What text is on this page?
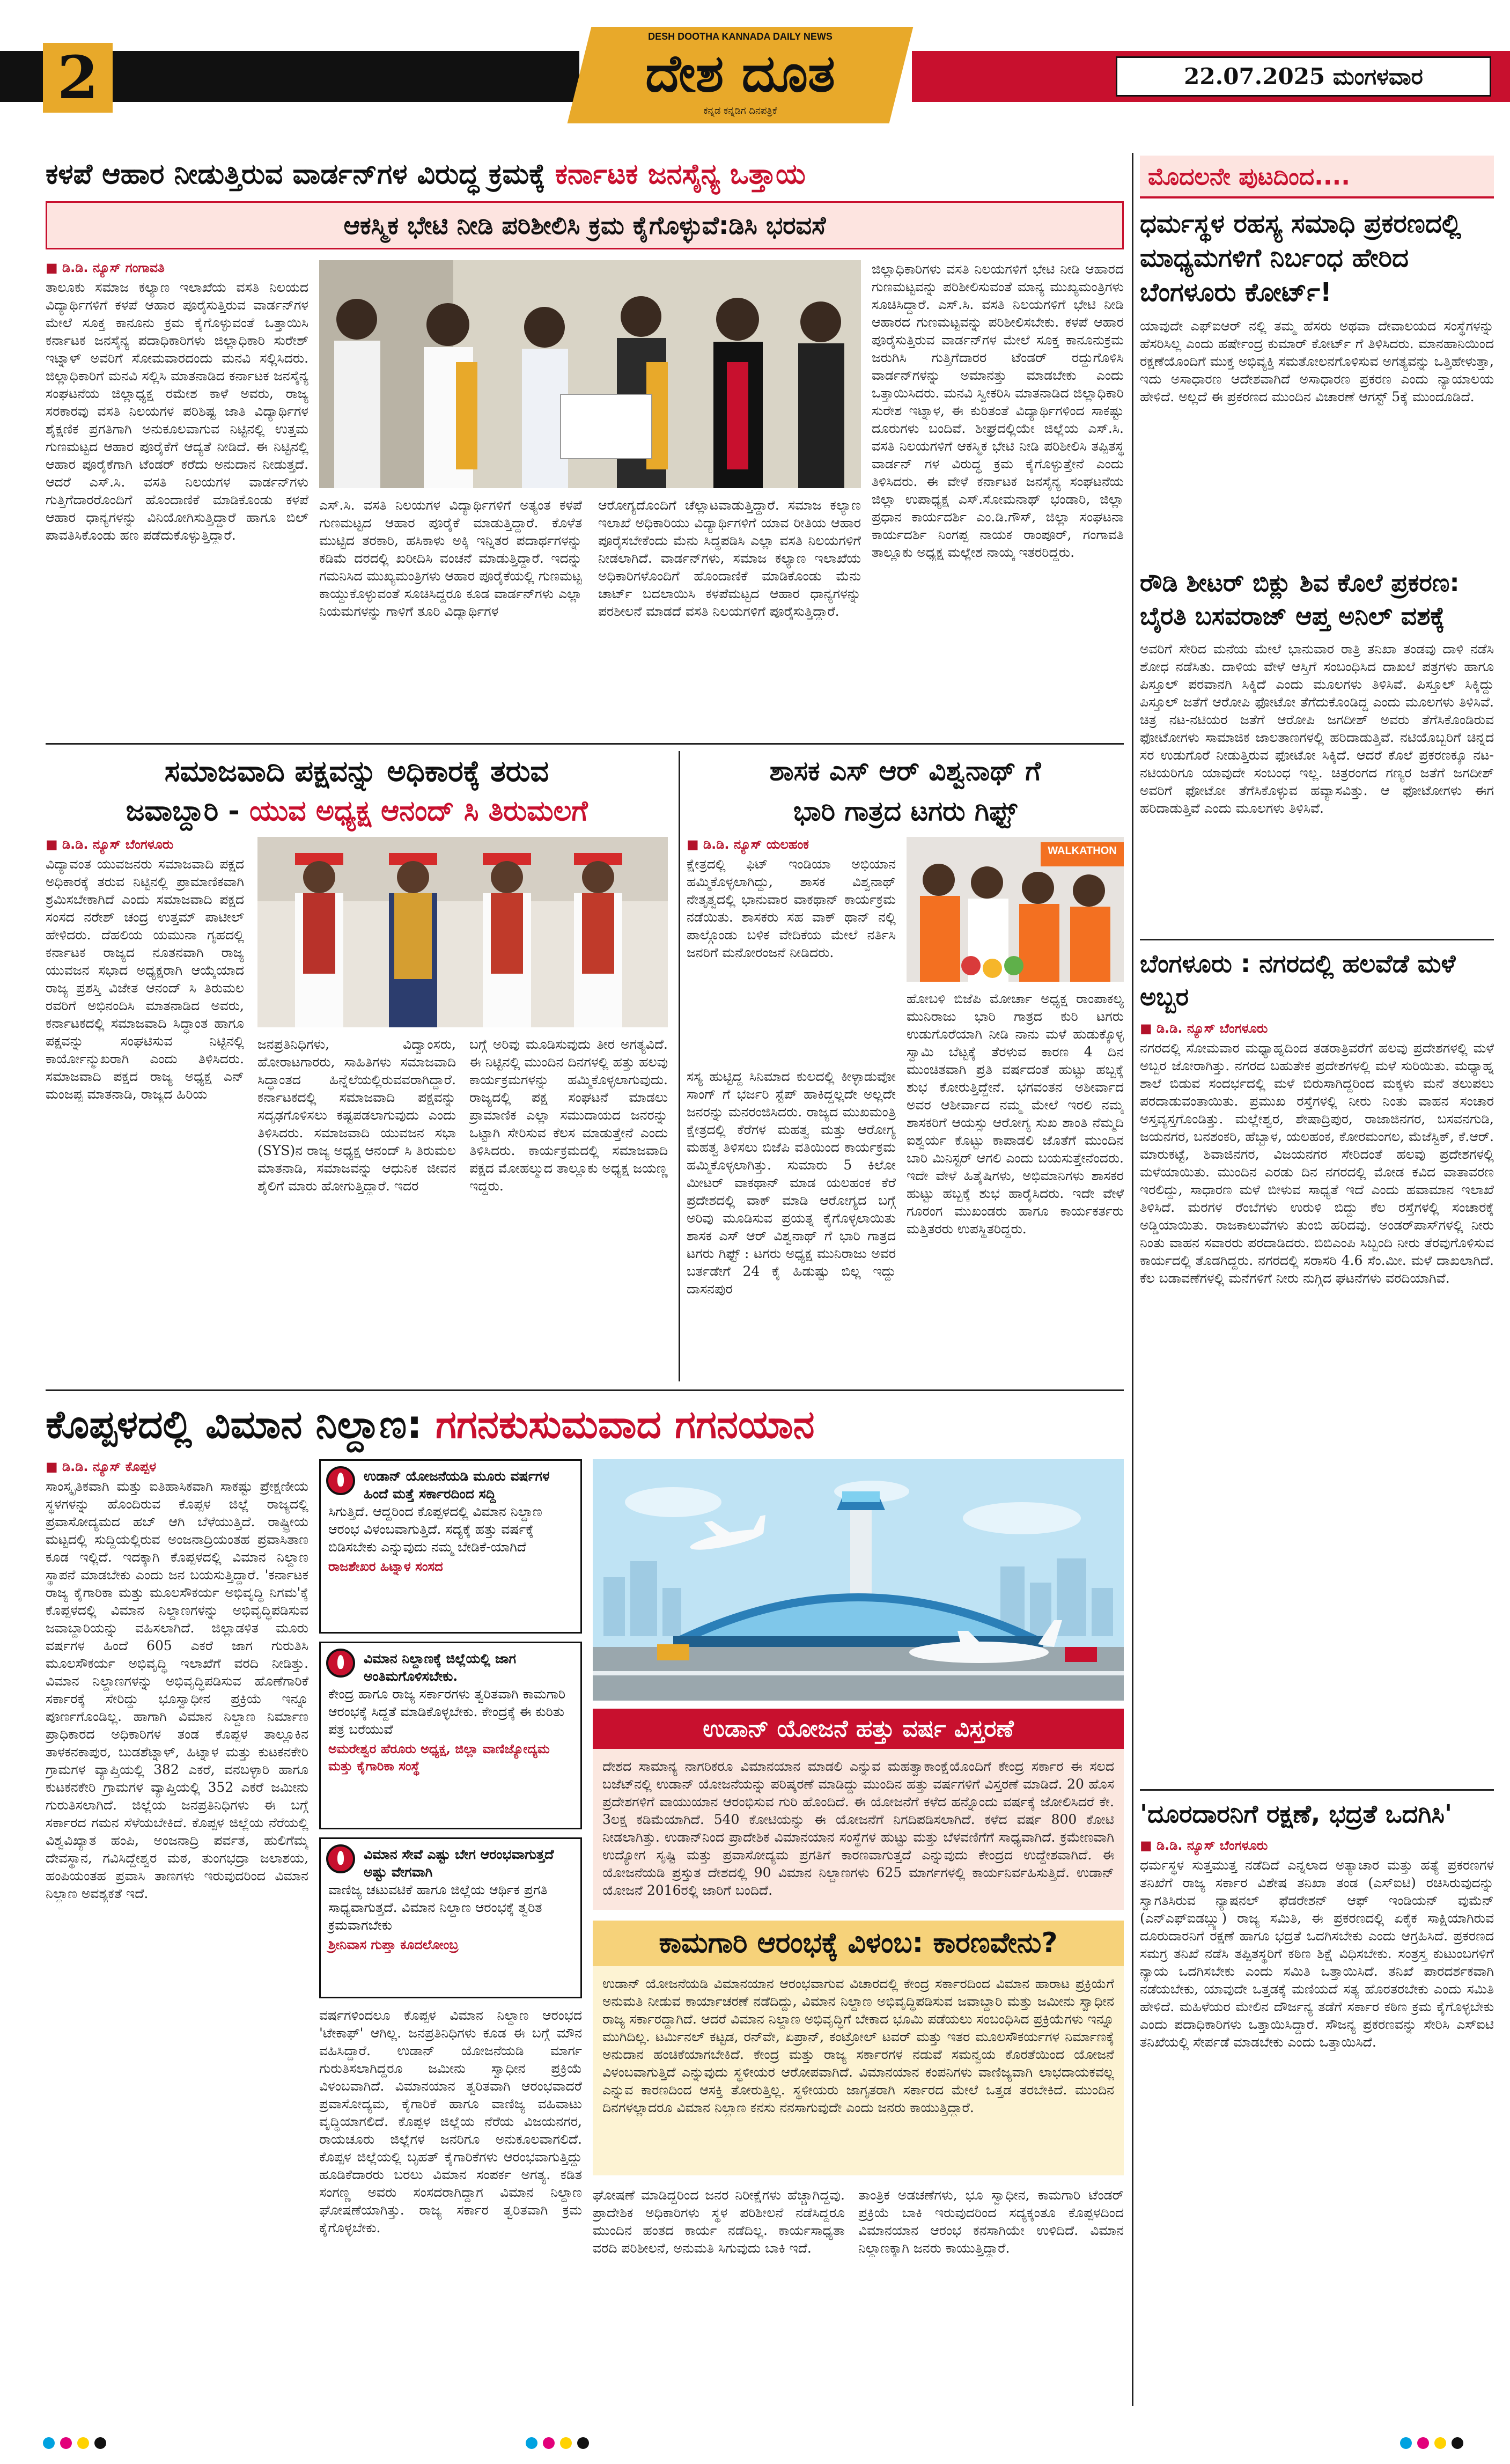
2
DESH DOOTHA KANNADA DAILY NEWS
ದೇಶ ದೂತ
ಕನ್ನಡ ಕನ್ನಡಿಗ ದಿನಪತ್ರಿಕೆ
22.07.2025 ಮಂಗಳವಾರ
ಕಳಪೆ ಆಹಾರ ನೀಡುತ್ತಿರುವ ವಾರ್ಡನ್‌ಗಳ ವಿರುದ್ಧ ಕ್ರಮಕ್ಕೆ ಕರ್ನಾಟಕ ಜನಸೈನ್ಯ ಒತ್ತಾಯ
ಆಕಸ್ಮಿಕ ಭೇಟಿ ನೀಡಿ ಪರಿಶೀಲಿಸಿ ಕ್ರಮ ಕೈಗೊಳ್ಳುವೆ:ಡಿಸಿ ಭರವಸೆ
■ ಡಿ.ಡಿ. ನ್ಯೂಸ್ ಗಂಗಾವತಿ
ತಾಲೂಕು ಸಮಾಜ ಕಲ್ಯಾಣ ಇಲಾಖೆಯ ವಸತಿ ನಿಲಯದ ವಿದ್ಯಾರ್ಥಿಗಳಿಗೆ ಕಳಪೆ ಆಹಾರ ಪೂರೈಸುತ್ತಿರುವ ವಾರ್ಡನ್‌ಗಳ ಮೇಲೆ ಸೂಕ್ತ ಕಾನೂನು ಕ್ರಮ ಕೈಗೊಳ್ಳುವಂತೆ ಒತ್ತಾಯಿಸಿ ಕರ್ನಾಟಕ ಜನಸೈನ್ಯ ಪದಾಧಿಕಾರಿಗಳು ಜಿಲ್ಲಾಧಿಕಾರಿ ಸುರೇಶ್ ಇಟ್ನಾಳ್ ಅವರಿಗೆ ಸೋಮವಾರದಂದು ಮನವಿ ಸಲ್ಲಿಸಿದರು. ಜಿಲ್ಲಾಧಿಕಾರಿಗೆ ಮನವಿ ಸಲ್ಲಿಸಿ ಮಾತನಾಡಿದ ಕರ್ನಾಟಕ ಜನಸೈನ್ಯ ಸಂಘಟನೆಯ ಜಿಲ್ಲಾಧ್ಯಕ್ಷ ರಮೇಶ ಕಾಳೆ ಅವರು, ರಾಜ್ಯ ಸರಕಾರವು ವಸತಿ ನಿಲಯಗಳ ಪರಿಶಿಷ್ಟ ಜಾತಿ ವಿದ್ಯಾರ್ಥಿಗಳ ಶೈಕ್ಷಣಿಕ ಪ್ರಗತಿಗಾಗಿ ಅನುಕೂಲವಾಗುವ ನಿಟ್ಟಿನಲ್ಲಿ ಉತ್ತಮ ಗುಣಮಟ್ಟದ ಆಹಾರ ಪೂರೈಕೆಗೆ ಆದ್ಯತೆ ನೀಡಿದೆ. ಈ ನಿಟ್ಟಿನಲ್ಲಿ ಆಹಾರ ಪೂರೈಕೆಗಾಗಿ ಟೆಂಡರ್ ಕರೆದು ಅನುದಾನ ನೀಡುತ್ತದೆ. ಆದರೆ ಎಸ್.ಸಿ. ವಸತಿ ನಿಲಯಗಳ ವಾರ್ಡನ್‌ಗಳು ಗುತ್ತಿಗೆದಾರರೊಂದಿಗೆ ಹೊಂದಾಣಿಕೆ ಮಾಡಿಕೊಂಡು ಕಳಪೆ ಆಹಾರ ಧಾನ್ಯಗಳನ್ನು ವಿನಿಯೋಗಿಸುತ್ತಿದ್ದಾರೆ ಹಾಗೂ ಬಿಲ್ ಪಾವತಿಸಿಕೊಂಡು ಹಣ ಪಡೆದುಕೊಳ್ಳುತ್ತಿದ್ದಾರೆ.
ಎಸ್.ಸಿ. ವಸತಿ ನಿಲಯಗಳ ವಿದ್ಯಾರ್ಥಿಗಳಿಗೆ ಅತ್ಯಂತ ಕಳಪೆ ಗುಣಮಟ್ಟದ ಆಹಾರ ಪೂರೈಕೆ ಮಾಡುತ್ತಿದ್ದಾರೆ. ಕೊಳೆತ ಮುಟ್ಟಿದ ತರಕಾರಿ, ಹಸಿಕಾಳು ಅಕ್ಕಿ ಇನ್ನಿತರ ಪದಾರ್ಥಗಳನ್ನು ಕಡಿಮೆ ದರದಲ್ಲಿ ಖರೀದಿಸಿ ವಂಚನೆ ಮಾಡುತ್ತಿದ್ದಾರೆ. ಇದನ್ನು ಗಮನಿಸಿದ ಮುಖ್ಯಮಂತ್ರಿಗಳು ಆಹಾರ ಪೂರೈಕೆಯಲ್ಲಿ ಗುಣಮಟ್ಟ ಕಾಯ್ದುಕೊಳ್ಳುವಂತೆ ಸೂಚಿಸಿದ್ದರೂ ಕೂಡ ವಾರ್ಡನ್‌ಗಳು ಎಲ್ಲಾ ನಿಯಮಗಳನ್ನು ಗಾಳಿಗೆ ತೂರಿ ವಿದ್ಯಾರ್ಥಿಗಳ
ಆರೋಗ್ಯದೊಂದಿಗೆ ಚೆಲ್ಲಾಟವಾಡುತ್ತಿದ್ದಾರೆ. ಸಮಾಜ ಕಲ್ಯಾಣ ಇಲಾಖೆ ಅಧಿಕಾರಿಯು ವಿದ್ಯಾರ್ಥಿಗಳಿಗೆ ಯಾವ ರೀತಿಯ ಆಹಾರ ಪೂರೈಸಬೇಕೆಂದು ಮೆನು ಸಿದ್ಧಪಡಿಸಿ ಎಲ್ಲಾ ವಸತಿ ನಿಲಯಗಳಿಗೆ ನೀಡಲಾಗಿದೆ. ವಾರ್ಡನ್‌ಗಳು, ಸಮಾಜ ಕಲ್ಯಾಣ ಇಲಾಖೆಯ ಅಧಿಕಾರಿಗಳೊಂದಿಗೆ ಹೊಂದಾಣಿಕೆ ಮಾಡಿಕೊಂಡು ಮೆನು ಚಾರ್ಟ್ ಬದಲಾಯಿಸಿ ಕಳಪೆಮಟ್ಟದ ಆಹಾರ ಧಾನ್ಯಗಳನ್ನು ಪರಶೀಲನೆ ಮಾಡದೆ ವಸತಿ ನಿಲಯಗಳಿಗೆ ಪೂರೈಸುತ್ತಿದ್ದಾರೆ.
ಜಿಲ್ಲಾಧಿಕಾರಿಗಳು ವಸತಿ ನಿಲಯಗಳಿಗೆ ಭೇಟಿ ನೀಡಿ ಆಹಾರದ ಗುಣಮಟ್ಟವನ್ನು ಪರಿಶೀಲಿಸುವಂತೆ ಮಾನ್ಯ ಮುಖ್ಯಮಂತ್ರಿಗಳು ಸೂಚಿಸಿದ್ದಾರೆ. ಎಸ್.ಸಿ. ವಸತಿ ನಿಲಯಗಳಿಗೆ ಭೇಟಿ ನೀಡಿ ಆಹಾರದ ಗುಣಮಟ್ಟವನ್ನು ಪರಿಶೀಲಿಸಬೇಕು. ಕಳಪೆ ಆಹಾರ ಪೂರೈಸುತ್ತಿರುವ ವಾರ್ಡನ್‌ಗಳ ಮೇಲೆ ಸೂಕ್ತ ಕಾನೂನುಕ್ರಮ ಜರುಗಿಸಿ ಗುತ್ತಿಗೆದಾರರ ಟೆಂಡರ್ ರದ್ದುಗೊಳಿಸಿ ವಾರ್ಡನ್‌ಗಳನ್ನು ಅಮಾನತ್ತು ಮಾಡಬೇಕು ಎಂದು ಒತ್ತಾಯಿಸಿದರು. ಮನವಿ ಸ್ವೀಕರಿಸಿ ಮಾತನಾಡಿದ ಜಿಲ್ಲಾಧಿಕಾರಿ ಸುರೇಶ ಇಟ್ನಾಳ, ಈ ಕುರಿತಂತೆ ವಿದ್ಯಾರ್ಥಿಗಳಿಂದ ಸಾಕಷ್ಟು ದೂರುಗಳು ಬಂದಿವೆ. ಶೀಘ್ರದಲ್ಲಿಯೇ ಜಿಲ್ಲೆಯ ಎಸ್.ಸಿ. ವಸತಿ ನಿಲಯಗಳಿಗೆ ಆಕಸ್ಮಿಕ ಭೇಟಿ ನೀಡಿ ಪರಿಶೀಲಿಸಿ ತಪ್ಪಿತಸ್ಥ ವಾರ್ಡನ್ ಗಳ ವಿರುದ್ಧ ಕ್ರಮ ಕೈಗೊಳ್ಳುತ್ತೇನೆ ಎಂದು ತಿಳಿಸಿದರು. ಈ ವೇಳೆ ಕರ್ನಾಟಕ ಜನಸೈನ್ಯ ಸಂಘಟನೆಯ ಜಿಲ್ಲಾ ಉಪಾಧ್ಯಕ್ಷ ಎಸ್.ಸೋಮನಾಥ್ ಭಂಡಾರಿ, ಜಿಲ್ಲಾ ಪ್ರಧಾನ ಕಾರ್ಯದರ್ಶಿ ಎಂ.ಡಿ.ಗೌಸ್, ಜಿಲ್ಲಾ ಸಂಘಟನಾ ಕಾರ್ಯದರ್ಶಿ ನಿಂಗಪ್ಪ ನಾಯಕ ರಾಂಪೂರ್, ಗಂಗಾವತಿ ತಾಲ್ಲೂಕು ಅಧ್ಯಕ್ಷ ಮಲ್ಲೇಶ ನಾಯ್ಕ ಇತರರಿದ್ದರು.
ಮೊದಲನೇ ಪುಟದಿಂದ....
ಧರ್ಮಸ್ಥಳ ರಹಸ್ಯ ಸಮಾಧಿ ಪ್ರಕರಣದಲ್ಲಿ ಮಾಧ್ಯಮಗಳಿಗೆ ನಿರ್ಬಂಧ ಹೇರಿದ ಬೆಂಗಳೂರು ಕೋರ್ಟ್!
ಯಾವುದೇ ಎಫ್‌ಐಆರ್ ನಲ್ಲಿ ತಮ್ಮ ಹೆಸರು ಅಥವಾ ದೇವಾಲಯದ ಸಂಸ್ಥೆಗಳನ್ನು ಹೆಸರಿಸಿಲ್ಲ ಎಂದು ಹರ್ಷೇಂದ್ರ ಕುಮಾರ್ ಕೋರ್ಟ್ ಗೆ ತಿಳಿಸಿದರು. ಮಾನಹಾನಿಯಿಂದ ರಕ್ಷಣೆಯೊಂದಿಗೆ ಮುಕ್ತ ಅಭಿವ್ಯಕ್ತಿ ಸಮತೋಲನಗೊಳಿಸುವ ಅಗತ್ಯವನ್ನು ಒತ್ತಿಹೇಳುತ್ತಾ, ಇದು ಅಸಾಧಾರಣ ಆದೇಶವಾಗಿದೆ ಅಸಾಧಾರಣ ಪ್ರಕರಣ ಎಂದು ನ್ಯಾಯಾಲಯ ಹೇಳಿದೆ. ಅಲ್ಲದೆ ಈ ಪ್ರಕರಣದ ಮುಂದಿನ ವಿಚಾರಣೆ ಆಗಸ್ಟ್ 5ಕ್ಕೆ ಮುಂದೂಡಿದೆ.
ರೌಡಿ ಶೀಟರ್ ಬಿಕ್ಲು ಶಿವ ಕೊಲೆ ಪ್ರಕರಣ: ಬೈರತಿ ಬಸವರಾಜ್ ಆಪ್ತ ಅನಿಲ್ ವಶಕ್ಕೆ
ಅವರಿಗೆ ಸೇರಿದ ಮನೆಯ ಮೇಲೆ ಭಾನುವಾರ ರಾತ್ರಿ ತನಿಖಾ ತಂಡವು ದಾಳಿ ನಡೆಸಿ ಶೋಧ ನಡೆಸಿತು. ದಾಳಿಯ ವೇಳೆ ಆಸ್ತಿಗೆ ಸಂಬಂಧಿಸಿದ ದಾಖಲೆ ಪತ್ರಗಳು ಹಾಗೂ ಪಿಸ್ತೂಲ್ ಪರವಾನಗಿ ಸಿಕ್ಕಿದೆ ಎಂದು ಮೂಲಗಳು ತಿಳಿಸಿವೆ. ಪಿಸ್ತೂಲ್ ಸಿಕ್ಕಿದ್ದು ಪಿಸ್ತೂಲ್ ಜತೆಗೆ ಆರೋಪಿ ಫೋಟೋ ತೆಗೆದುಕೊಂಡಿದ್ದ ಎಂದು ಮೂಲಗಳು ತಿಳಿಸಿವೆ. ಚಿತ್ರ ನಟ-ನಟಿಯರ ಜತೆಗೆ ಆರೋಪಿ ಜಗದೀಶ್ ಅವರು ತೆಗೆಸಿಕೊಂಡಿರುವ ಫೋಟೋಗಳು ಸಾಮಾಜಿಕ ಜಾಲತಾಣಗಳಲ್ಲಿ ಹರಿದಾಡುತ್ತಿವೆ. ನಟಿಯೊಬ್ಬರಿಗೆ ಚಿನ್ನದ ಸರ ಉಡುಗೊರೆ ನೀಡುತ್ತಿರುವ ಫೋಟೋ ಸಿಕ್ಕಿದೆ. ಆದರೆ ಕೊಲೆ ಪ್ರಕರಣಕ್ಕೂ ನಟ-ನಟಿಯರಿಗೂ ಯಾವುದೇ ಸಂಬಂಧ ಇಲ್ಲ. ಚಿತ್ರರಂಗದ ಗಣ್ಯರ ಜತೆಗೆ ಜಗದೀಶ್ ಅವರಿಗೆ ಫೋಟೋ ತೆಗೆಸಿಕೊಳ್ಳುವ ಹವ್ಯಾಸವಿತ್ತು. ಆ ಫೋಟೋಗಳು ಈಗ ಹರಿದಾಡುತ್ತಿವೆ ಎಂದು ಮೂಲಗಳು ತಿಳಿಸಿವೆ.
ಬೆಂಗಳೂರು : ನಗರದಲ್ಲಿ ಹಲವೆಡೆ ಮಳೆ ಅಬ್ಬರ
■ ಡಿ.ಡಿ. ನ್ಯೂಸ್ ಬೆಂಗಳೂರು
ನಗರದಲ್ಲಿ ಸೋಮವಾರ ಮಧ್ಯಾಹ್ನದಿಂದ ತಡರಾತ್ರಿವರೆಗೆ ಹಲವು ಪ್ರದೇಶಗಳಲ್ಲಿ ಮಳೆ ಅಬ್ಬರ ಜೋರಾಗಿತ್ತು. ನಗರದ ಬಹುತೇಕ ಪ್ರದೇಶಗಳಲ್ಲಿ ಮಳೆ ಸುರಿಯಿತು. ಮಧ್ಯಾಹ್ನ ಶಾಲೆ ಬಿಡುವ ಸಂದರ್ಭದಲ್ಲಿ ಮಳೆ ಬಿರುಸಾಗಿದ್ದರಿಂದ ಮಕ್ಕಳು ಮನೆ ತಲುಪಲು ಪರದಾಡುವಂತಾಯಿತು. ಪ್ರಮುಖ ರಸ್ತೆಗಳಲ್ಲಿ ನೀರು ನಿಂತು ವಾಹನ ಸಂಚಾರ ಅಸ್ತವ್ಯಸ್ತಗೊಂಡಿತ್ತು. ಮಲ್ಲೇಶ್ವರ, ಶೇಷಾದ್ರಿಪುರ, ರಾಜಾಜಿನಗರ, ಬಸವನಗುಡಿ, ಜಯನಗರ, ಬನಶಂಕರಿ, ಹೆಬ್ಬಾಳ, ಯಲಹಂಕ, ಕೋರಮಂಗಲ, ಮೆಜೆಸ್ಟಿಕ್, ಕೆ.ಆರ್. ಮಾರುಕಟ್ಟೆ, ಶಿವಾಜಿನಗರ, ವಿಜಯನಗರ ಸೇರಿದಂತೆ ಹಲವು ಪ್ರದೇಶಗಳಲ್ಲಿ ಮಳೆಯಾಯಿತು. ಮುಂದಿನ ಎರಡು ದಿನ ನಗರದಲ್ಲಿ ಮೋಡ ಕವಿದ ವಾತಾವರಣ ಇರಲಿದ್ದು, ಸಾಧಾರಣ ಮಳೆ ಬೀಳುವ ಸಾಧ್ಯತೆ ಇದೆ ಎಂದು ಹವಾಮಾನ ಇಲಾಖೆ ತಿಳಿಸಿದೆ. ಮರಗಳ ರೆಂಬೆಗಳು ಉರುಳಿ ಬಿದ್ದು ಕೆಲ ರಸ್ತೆಗಳಲ್ಲಿ ಸಂಚಾರಕ್ಕೆ ಅಡ್ಡಿಯಾಯಿತು. ರಾಜಕಾಲುವೆಗಳು ತುಂಬಿ ಹರಿದವು. ಅಂಡರ್‌ಪಾಸ್‌ಗಳಲ್ಲಿ ನೀರು ನಿಂತು ವಾಹನ ಸವಾರರು ಪರದಾಡಿದರು. ಬಿಬಿಎಂಪಿ ಸಿಬ್ಬಂದಿ ನೀರು ತೆರವುಗೊಳಿಸುವ ಕಾರ್ಯದಲ್ಲಿ ತೊಡಗಿದ್ದರು. ನಗರದಲ್ಲಿ ಸರಾಸರಿ 4.6 ಸೆಂ.ಮೀ. ಮಳೆ ದಾಖಲಾಗಿದೆ. ಕೆಲ ಬಡಾವಣೆಗಳಲ್ಲಿ ಮನೆಗಳಿಗೆ ನೀರು ನುಗ್ಗಿದ ಘಟನೆಗಳು ವರದಿಯಾಗಿವೆ.
'ದೂರದಾರನಿಗೆ ರಕ್ಷಣೆ, ಭದ್ರತೆ ಒದಗಿಸಿ'
■ ಡಿ.ಡಿ. ನ್ಯೂಸ್ ಬೆಂಗಳೂರು
ಧರ್ಮಸ್ಥಳ ಸುತ್ತಮುತ್ತ ನಡೆದಿದೆ ಎನ್ನಲಾದ ಅತ್ಯಾಚಾರ ಮತ್ತು ಹತ್ಯೆ ಪ್ರಕರಣಗಳ ತನಿಖೆಗೆ ರಾಜ್ಯ ಸರ್ಕಾರ ವಿಶೇಷ ತನಿಖಾ ತಂಡ (ಎಸ್‌ಐಟಿ) ರಚಿಸಿರುವುದನ್ನು ಸ್ವಾಗತಿಸಿರುವ ನ್ಯಾಷನಲ್ ಫೆಡರೇಶನ್ ಆಫ್ ಇಂಡಿಯನ್ ವುಮೆನ್ (ಎನ್‌ಎಫ್‌ಐಡಬ್ಲ್ಯು) ರಾಜ್ಯ ಸಮಿತಿ, ಈ ಪ್ರಕರಣದಲ್ಲಿ ಏಕೈಕ ಸಾಕ್ಷಿಯಾಗಿರುವ ದೂರುದಾರನಿಗೆ ರಕ್ಷಣೆ ಹಾಗೂ ಭದ್ರತೆ ಒದಗಿಸಬೇಕು ಎಂದು ಆಗ್ರಹಿಸಿದೆ. ಪ್ರಕರಣದ ಸಮಗ್ರ ತನಿಖೆ ನಡೆಸಿ ತಪ್ಪಿತಸ್ಥರಿಗೆ ಕಠಿಣ ಶಿಕ್ಷೆ ವಿಧಿಸಬೇಕು. ಸಂತ್ರಸ್ತ ಕುಟುಂಬಗಳಿಗೆ ನ್ಯಾಯ ಒದಗಿಸಬೇಕು ಎಂದು ಸಮಿತಿ ಒತ್ತಾಯಿಸಿದೆ. ತನಿಖೆ ಪಾರದರ್ಶಕವಾಗಿ ನಡೆಯಬೇಕು, ಯಾವುದೇ ಒತ್ತಡಕ್ಕೆ ಮಣಿಯದೆ ಸತ್ಯ ಹೊರತರಬೇಕು ಎಂದು ಸಮಿತಿ ಹೇಳಿದೆ. ಮಹಿಳೆಯರ ಮೇಲಿನ ದೌರ್ಜನ್ಯ ತಡೆಗೆ ಸರ್ಕಾರ ಕಠಿಣ ಕ್ರಮ ಕೈಗೊಳ್ಳಬೇಕು ಎಂದು ಪದಾಧಿಕಾರಿಗಳು ಒತ್ತಾಯಿಸಿದ್ದಾರೆ. ಸೌಜನ್ಯ ಪ್ರಕರಣವನ್ನು ಸೇರಿಸಿ ಎಸ್‌ಐಟಿ ತನಿಖೆಯಲ್ಲಿ ಸೇರ್ಪಡೆ ಮಾಡಬೇಕು ಎಂದು ಒತ್ತಾಯಿಸಿದೆ.
ಸಮಾಜವಾದಿ ಪಕ್ಷವನ್ನು ಅಧಿಕಾರಕ್ಕೆ ತರುವ
ಜವಾಬ್ದಾರಿ - ಯುವ ಅಧ್ಯಕ್ಷ ಆನಂದ್ ಸಿ ತಿರುಮಲಗೆ
■ ಡಿ.ಡಿ. ನ್ಯೂಸ್ ಬೆಂಗಳೂರು
ವಿದ್ಯಾವಂತ ಯುವಜನರು ಸಮಾಜವಾದಿ ಪಕ್ಷದ ಅಧಿಕಾರಕ್ಕೆ ತರುವ ನಿಟ್ಟಿನಲ್ಲಿ ಪ್ರಾಮಾಣಿಕವಾಗಿ ಶ್ರಮಿಸಬೇಕಾಗಿದೆ ಎಂದು ಸಮಾಜವಾದಿ ಪಕ್ಷದ ಸಂಸದ ನರೇಶ್ ಚಂದ್ರ ಉತ್ತಮ್ ಪಾಟೀಲ್ ಹೇಳಿದರು. ದೆಹಲಿಯ ಯಮುನಾ ಗೃಹದಲ್ಲಿ ಕರ್ನಾಟಕ ರಾಜ್ಯದ ನೂತನವಾಗಿ ರಾಜ್ಯ ಯುವಜನ ಸಭಾದ ಅಧ್ಯಕ್ಷರಾಗಿ ಆಯ್ಕೆಯಾದ ರಾಜ್ಯ ಪ್ರಶಸ್ತಿ ವಿಜೇತ ಆನಂದ್ ಸಿ ತಿರುಮಲ ರವರಿಗೆ ಅಭಿನಂದಿಸಿ ಮಾತನಾಡಿದ ಅವರು, ಕರ್ನಾಟಕದಲ್ಲಿ ಸಮಾಜವಾದಿ ಸಿದ್ಧಾಂತ ಹಾಗೂ ಪಕ್ಷವನ್ನು ಸಂಘಟಿಸುವ ನಿಟ್ಟಿನಲ್ಲಿ ಕಾರ್ಯೋನ್ಮುಖರಾಗಿ ಎಂದು ತಿಳಿಸಿದರು. ಸಮಾಜವಾದಿ ಪಕ್ಷದ ರಾಜ್ಯ ಅಧ್ಯಕ್ಷ ಎನ್ ಮಂಜಪ್ಪ ಮಾತನಾಡಿ, ರಾಜ್ಯದ ಹಿರಿಯ
ಜನಪ್ರತಿನಿಧಿಗಳು, ವಿದ್ವಾಂಸರು, ಹೋರಾಟಗಾರರು, ಸಾಹಿತಿಗಳು ಸಮಾಜವಾದಿ ಸಿದ್ಧಾಂತದ ಹಿನ್ನೆಲೆಯಲ್ಲಿರುವವರಾಗಿದ್ದಾರೆ. ಕರ್ನಾಟಕದಲ್ಲಿ ಸಮಾಜವಾದಿ ಪಕ್ಷವನ್ನು ಸದೃಢಗೊಳಿಸಲು ಕಷ್ಟಪಡಲಾಗುವುದು ಎಂದು ತಿಳಿಸಿದರು. ಸಮಾಜವಾದಿ ಯುವಜನ ಸಭಾ (SYS)ನ ರಾಜ್ಯ ಅಧ್ಯಕ್ಷ ಆನಂದ್ ಸಿ ತಿರುಮಲ ಮಾತನಾಡಿ, ಸಮಾಜವನ್ನು ಆಧುನಿಕ ಜೀವನ ಶೈಲಿಗೆ ಮಾರು ಹೋಗುತ್ತಿದ್ದಾರೆ. ಇದರ
ಬಗ್ಗೆ ಅರಿವು ಮೂಡಿಸುವುದು ತೀರ ಅಗತ್ಯವಿದೆ. ಈ ನಿಟ್ಟಿನಲ್ಲಿ ಮುಂದಿನ ದಿನಗಳಲ್ಲಿ ಹತ್ತು ಹಲವು ಕಾರ್ಯಕ್ರಮಗಳನ್ನು ಹಮ್ಮಿಕೊಳ್ಳಲಾಗುವುದು. ರಾಜ್ಯದಲ್ಲಿ ಪಕ್ಷ ಸಂಘಟನೆ ಮಾಡಲು ಪ್ರಾಮಾಣಿಕ ಎಲ್ಲಾ ಸಮುದಾಯದ ಜನರನ್ನು ಒಟ್ಟಾಗಿ ಸೇರಿಸುವ ಕೆಲಸ ಮಾಡುತ್ತೇನೆ ಎಂದು ತಿಳಿಸಿದರು. ಕಾರ್ಯಕ್ರಮದಲ್ಲಿ ಸಮಾಜವಾದಿ ಪಕ್ಷದ ಮೋಹಲ್ಮುದ ತಾಲ್ಲೂಕು ಅಧ್ಯಕ್ಷ ಜಯಣ್ಣ ಇದ್ದರು.
ಶಾಸಕ ಎಸ್ ಆರ್ ವಿಶ್ವನಾಥ್ ಗೆ
ಭಾರಿ ಗಾತ್ರದ ಟಗರು ಗಿಫ್ಟ್
■ ಡಿ.ಡಿ. ನ್ಯೂಸ್ ಯಲಹಂಕ
ಕ್ಷೇತ್ರದಲ್ಲಿ ಫಿಟ್ ಇಂಡಿಯಾ ಅಭಿಯಾನ ಹಮ್ಮಿಕೊಳ್ಳಲಾಗಿದ್ದು, ಶಾಸಕ ವಿಶ್ವನಾಥ್ ನೇತೃತ್ವದಲ್ಲಿ ಭಾನುವಾರ ವಾಕಥಾನ್ ಕಾರ್ಯಕ್ರಮ ನಡೆಯಿತು. ಶಾಸಕರು ಸಹ ವಾಕ್ ಥಾನ್ ನಲ್ಲಿ ಪಾಲ್ಗೊಂಡು ಬಳಿಕ ವೇದಿಕೆಯ ಮೇಲೆ ನರ್ತಿಸಿ ಜನರಿಗೆ ಮನೋರಂಜನೆ ನೀಡಿದರು.
WALKATHON
ಸಸ್ಯ ಹುಟ್ಟಿದ್ದ ಸಿನಿಮಾದ ಕುಲದಲ್ಲಿ ಕೀಳ್ಳಾಡುವೋ ಸಾಂಗ್ ಗೆ ಭರ್ಜರಿ ಸ್ಟೆಪ್ ಹಾಕಿದ್ದಲ್ಲದೇ ಅಲ್ಲದೇ ಜನರನ್ನು ಮನರಂಜಿಸಿದರು. ರಾಜ್ಯದ ಮುಖಮಂತ್ರಿ ಕ್ಷೇತ್ರದಲ್ಲಿ ಕೆರೆಗಳ ಮಹತ್ವ ಮತ್ತು ಆರೋಗ್ಯ ಮಹತ್ವ ತಿಳಿಸಲು ಬಿಜೆಪಿ ವತಿಯಿಂದ ಕಾರ್ಯಕ್ರಮ ಹಮ್ಮಿಕೊಳ್ಳಲಾಗಿತ್ತು. ಸುಮಾರು 5 ಕಿಲೋ ಮೀಟರ್ ವಾಕಥಾನ್ ಮಾಡ ಯಲಹಂಕ ಕೆರೆ ಪ್ರದೇಶದಲ್ಲಿ ವಾಕ್ ಮಾಡಿ ಆರೋಗ್ಯದ ಬಗ್ಗೆ ಅರಿವು ಮೂಡಿಸುವ ಪ್ರಯತ್ನ ಕೈಗೊಳ್ಳಲಾಯಿತು ಶಾಸಕ ಎಸ್ ಆರ್ ವಿಶ್ವನಾಥ್ ಗೆ ಭಾರಿ ಗಾತ್ರದ ಟಗರು ಗಿಫ್ಟ್ : ಟಗರು ಅಧ್ಯಕ್ಷ ಮುನಿರಾಜು ಅವರ ಬರ್ತಡೇಗೆ 24 ಕೈ ಹಿಡುಷ್ಟು ಬಿಲ್ಲ ಇದ್ದು ದಾಸನಪುರ
ಹೋಬಳಿ ಬಿಜೆಪಿ ಮೋರ್ಚಾ ಅಧ್ಯಕ್ಷ ರಾಂಪಾಕಲ್ಯ ಮುನಿರಾಜು ಭಾರಿ ಗಾತ್ರದ ಕುರಿ ಟಗರು ಉಡುಗೊರೆಯಾಗಿ ನೀಡಿ ನಾನು ಮಳೆ ಹುಡುಕ್ಕೊಳ್ಳ ಸ್ವಾಮಿ ಬೆಟ್ಟಕ್ಕೆ ತೆರಳುವ ಕಾರಣ 4 ದಿನ ಮುಂಚಿತವಾಗಿ ಪ್ರತಿ ವರ್ಷದಂತೆ ಹುಟ್ಟು ಹಬ್ಬಕ್ಕೆ ಶುಭ ಕೋರುತ್ತಿದ್ದೇನೆ. ಭಗವಂತನ ಅಶೀರ್ವಾದ ಅವರ ಆಶೀರ್ವಾದ ನಮ್ಮ ಮೇಲೆ ಇರಲಿ ನಮ್ಮ ಶಾಸಕರಿಗೆ ಆಯಸ್ಸು ಆರೋಗ್ಯ ಸುಖ ಶಾಂತಿ ನೆಮ್ಮದಿ ಐಶ್ವರ್ಯ ಕೊಟ್ಟು ಕಾಪಾಡಲಿ ಜೊತೆಗೆ ಮುಂದಿನ ಬಾರಿ ಮಿನಿಸ್ಟರ್ ಆಗಲಿ ಎಂದು ಬಯಸುತ್ತೇನೆಂದರು. ಇದೇ ವೇಳೆ ಹಿತೈಷಿಗಳು, ಅಭಿಮಾನಿಗಳು ಶಾಸಕರ ಹುಟ್ಟು ಹಬ್ಬಕ್ಕೆ ಶುಭ ಹಾರೈಸಿದರು. ಇದೇ ವೇಳೆ ಗೂರಂಗ ಮುಖಂಡರು ಹಾಗೂ ಕಾರ್ಯಕರ್ತರು ಮತ್ತಿತರರು ಉಪಸ್ಥಿತರಿದ್ದರು.
ಕೊಪ್ಪಳದಲ್ಲಿ ವಿಮಾನ ನಿಲ್ದಾಣ: ಗಗನಕುಸುಮವಾದ ಗಗನಯಾನ
■ ಡಿ.ಡಿ. ನ್ಯೂಸ್ ಕೊಪ್ಪಳ
ಸಾಂಸ್ಕೃತಿಕವಾಗಿ ಮತ್ತು ಐತಿಹಾಸಿಕವಾಗಿ ಸಾಕಷ್ಟು ಪ್ರೇಕ್ಷಣೀಯ ಸ್ಥಳಗಳನ್ನು ಹೊಂದಿರುವ ಕೊಪ್ಪಳ ಜಿಲ್ಲೆ ರಾಜ್ಯದಲ್ಲಿ ಪ್ರವಾಸೋದ್ಯಮದ ಹಬ್ ಆಗಿ ಬೆಳೆಯುತ್ತಿದೆ. ರಾಷ್ಟ್ರೀಯ ಮಟ್ಟದಲ್ಲಿ ಸುದ್ದಿಯಲ್ಲಿರುವ ಅಂಜನಾದ್ರಿಯಂತಹ ಪ್ರವಾಸಿತಾಣ ಕೂಡ ಇಲ್ಲಿದೆ. ಇದಕ್ಕಾಗಿ ಕೊಪ್ಪಳದಲ್ಲಿ ವಿಮಾನ ನಿಲ್ದಾಣ ಸ್ಥಾಪನೆ ಮಾಡಬೇಕು ಎಂದು ಜನ ಬಯಸುತ್ತಿದ್ದಾರೆ. 'ಕರ್ನಾಟಕ ರಾಜ್ಯ ಕೈಗಾರಿಕಾ ಮತ್ತು ಮೂಲಸೌಕರ್ಯ ಅಭಿವೃದ್ಧಿ ನಿಗಮ'ಕ್ಕೆ ಕೊಪ್ಪಳದಲ್ಲಿ ವಿಮಾನ ನಿಲ್ದಾಣಗಳನ್ನು ಅಭಿವೃದ್ಧಿಪಡಿಸುವ ಜವಾಬ್ದಾರಿಯನ್ನು ವಹಿಸಲಾಗಿದೆ. ಜಿಲ್ಲಾಡಳಿತ ಮೂರು ವರ್ಷಗಳ ಹಿಂದೆ 605 ಎಕರೆ ಜಾಗ ಗುರುತಿಸಿ ಮೂಲಸೌಕರ್ಯ ಅಭಿವೃದ್ಧಿ ಇಲಾಖೆಗೆ ವರದಿ ನೀಡಿತ್ತು. ವಿಮಾನ ನಿಲ್ದಾಣಗಳನ್ನು ಅಭಿವೃದ್ಧಿಪಡಿಸುವ ಹೊಣೆಗಾರಿಕೆ ಸರ್ಕಾರಕ್ಕೆ ಸೇರಿದ್ದು ಭೂಸ್ವಾಧೀನ ಪ್ರಕ್ರಿಯೆ ಇನ್ನೂ ಪೂರ್ಣಗೊಂಡಿಲ್ಲ. ಹಾಗಾಗಿ ವಿಮಾನ ನಿಲ್ದಾಣ ನಿರ್ಮಾಣ ಪ್ರಾಧಿಕಾರದ ಅಧಿಕಾರಿಗಳ ತಂಡ ಕೊಪ್ಪಳ ತಾಲ್ಲೂಕಿನ ತಾಳಕನಕಾಪುರ, ಬುಡಶೆಟ್ನಾಳ್, ಹಿಟ್ನಾಳ ಮತ್ತು ಕುಟಕನಕೇರಿ ಗ್ರಾಮಗಳ ವ್ಯಾಪ್ತಿಯಲ್ಲಿ 382 ಎಕರೆ, ವನಬಳ್ಳಾರಿ ಹಾಗೂ ಕುಟಕನಕೇರಿ ಗ್ರಾಮಗಳ ವ್ಯಾಪ್ತಿಯಲ್ಲಿ 352 ಎಕರೆ ಜಮೀನು ಗುರುತಿಸಲಾಗಿದೆ. ಜಿಲ್ಲೆಯ ಜನಪ್ರತಿನಿಧಿಗಳು ಈ ಬಗ್ಗೆ ಸರ್ಕಾರದ ಗಮನ ಸೆಳೆಯಬೇಕಿದೆ. ಕೊಪ್ಪಳ ಜಿಲ್ಲೆಯ ನೆರೆಯಲ್ಲಿ ವಿಶ್ವವಿಖ್ಯಾತ ಹಂಪಿ, ಅಂಜನಾದ್ರಿ ಪರ್ವತ, ಹುಲಿಗೆಮ್ಮ ದೇವಸ್ಥಾನ, ಗವಿಸಿದ್ದೇಶ್ವರ ಮಠ, ತುಂಗಭದ್ರಾ ಜಲಾಶಯ, ಹಂಪಿಯಂತಹ ಪ್ರವಾಸಿ ತಾಣಗಳು ಇರುವುದರಿಂದ ವಿಮಾನ ನಿಲ್ದಾಣ ಅವಶ್ಯಕತೆ ಇದೆ.
ಉಡಾನ್ ಯೋಜನೆಯಡಿ ಮೂರು ವರ್ಷಗಳ ಹಿಂದೆ ಮತ್ತೆ ಸರ್ಕಾರದಿಂದ ಸದ್ದಿ
ಸಿಗುತ್ತಿದೆ. ಆದ್ದರಿಂದ ಕೊಪ್ಪಳದಲ್ಲಿ ವಿಮಾನ ನಿಲ್ದಾಣ ಆರಂಭ ವಿಳಂಬವಾಗುತ್ತಿದೆ. ಸದ್ಯಕ್ಕೆ ಹತ್ತು ವರ್ಷಕ್ಕೆ ಬಿಡಿಸಬೇಕು ಎನ್ನುವುದು ನಮ್ಮ ಬೇಡಿಕೆ-ಯಾಗಿದೆ
ರಾಜಶೇಖರ ಹಿಟ್ನಾಳ ಸಂಸದ
ವಿಮಾನ ನಿಲ್ದಾಣಕ್ಕೆ ಜಿಲ್ಲೆಯಲ್ಲಿ ಜಾಗ ಅಂತಿಮಗೊಳಿಸಬೇಕು.
ಕೇಂದ್ರ ಹಾಗೂ ರಾಜ್ಯ ಸರ್ಕಾರಗಳು ತ್ವರಿತವಾಗಿ ಕಾಮಗಾರಿ ಆರಂಭಕ್ಕೆ ಸಿದ್ದತೆ ಮಾಡಿಕೊಳ್ಳಬೇಕು. ಕೇಂದ್ರಕ್ಕೆ ಈ ಕುರಿತು ಪತ್ರ ಬರೆಯುವೆ
ಅಮರೇಶ್ವರ ಹೆರೂರು ಅಧ್ಯಕ್ಷ, ಜಿಲ್ಲಾ ವಾಣಿಜ್ಯೋದ್ಯಮ ಮತ್ತು ಕೈಗಾರಿಕಾ ಸಂಸ್ಥೆ
ವಿಮಾನ ಸೇವೆ ಎಷ್ಟು ಬೇಗ ಆರಂಭವಾಗುತ್ತದೆ ಅಷ್ಟು ವೇಗವಾಗಿ
ವಾಣಿಜ್ಯ ಚಟುವಟಿಕೆ ಹಾಗೂ ಜಿಲ್ಲೆಯ ಆರ್ಥಿಕ ಪ್ರಗತಿ ಸಾಧ್ಯವಾಗುತ್ತದೆ. ವಿಮಾನ ನಿಲ್ದಾಣ ಆರಂಭಕ್ಕೆ ತ್ವರಿತ ಕ್ರಮವಾಗಬೇಕು
ಶ್ರೀನಿವಾಸ ಗುಪ್ತಾ ಕೂದಲೋಂಬ್ರ
ವರ್ಷಗಳಿಂದಲೂ ಕೊಪ್ಪಳ ವಿಮಾನ ನಿಲ್ದಾಣ ಆರಂಭದ 'ಟೇಕಾಫ್' ಆಗಿಲ್ಲ. ಜನಪ್ರತಿನಿಧಿಗಳು ಕೂಡ ಈ ಬಗ್ಗೆ ಮೌನ ವಹಿಸಿದ್ದಾರೆ. ಉಡಾನ್ ಯೋಜನೆಯಡಿ ಮಾರ್ಗ ಗುರುತಿಸಲಾಗಿದ್ದರೂ ಜಮೀನು ಸ್ವಾಧೀನ ಪ್ರಕ್ರಿಯೆ ವಿಳಂಬವಾಗಿದೆ. ವಿಮಾನಯಾನ ತ್ವರಿತವಾಗಿ ಆರಂಭವಾದರೆ ಪ್ರವಾಸೋದ್ಯಮ, ಕೈಗಾರಿಕೆ ಹಾಗೂ ವಾಣಿಜ್ಯ ವಹಿವಾಟು ವೃದ್ಧಿಯಾಗಲಿದೆ. ಕೊಪ್ಪಳ ಜಿಲ್ಲೆಯ ನೆರೆಯ ವಿಜಯನಗರ, ರಾಯಚೂರು ಜಿಲ್ಲೆಗಳ ಜನರಿಗೂ ಅನುಕೂಲವಾಗಲಿದೆ. ಕೊಪ್ಪಳ ಜಿಲ್ಲೆಯಲ್ಲಿ ಬೃಹತ್ ಕೈಗಾರಿಕೆಗಳು ಆರಂಭವಾಗುತ್ತಿದ್ದು ಹೂಡಿಕೆದಾರರು ಬರಲು ವಿಮಾನ ಸಂಪರ್ಕ ಅಗತ್ಯ. ಕಡಿತ ಸಂಗಣ್ಣ ಅವರು ಸಂಸದರಾಗಿದ್ದಾಗ ವಿಮಾನ ನಿಲ್ದಾಣ ಘೋಷಣೆಯಾಗಿತ್ತು. ರಾಜ್ಯ ಸರ್ಕಾರ ತ್ವರಿತವಾಗಿ ಕ್ರಮ ಕೈಗೊಳ್ಳಬೇಕು.
ಉಡಾನ್ ಯೋಜನೆ ಹತ್ತು ವರ್ಷ ವಿಸ್ತರಣೆ
ದೇಶದ ಸಾಮಾನ್ಯ ನಾಗರಿಕರೂ ವಿಮಾನಯಾನ ಮಾಡಲಿ ಎನ್ನುವ ಮಹತ್ವಾಕಾಂಕ್ಷೆಯೊಂದಿಗೆ ಕೇಂದ್ರ ಸರ್ಕಾರ ಈ ಸಲದ ಬಜೆಟ್‌ನಲ್ಲಿ ಉಡಾನ್ ಯೋಜನೆಯನ್ನು ಪರಿಷ್ಕರಣೆ ಮಾಡಿದ್ದು ಮುಂದಿನ ಹತ್ತು ವರ್ಷಗಳಿಗೆ ವಿಸ್ತರಣೆ ಮಾಡಿದೆ. 20 ಹೊಸ ಪ್ರದೇಶಗಳಿಗೆ ವಾಯುಯಾನ ಆರಂಭಿಸುವ ಗುರಿ ಹೊಂದಿದೆ. ಈ ಯೋಜನೆಗೆ ಕಳೆದ ಹನ್ನೊಂದು ವರ್ಷಕ್ಕೆ ಜೋಲಿಸಿದರೆ ಕೇ. 3ಲಕ್ಷ ಕಡಿಮೆಯಾಗಿದೆ. 540 ಕೋಟಿಯನ್ನು ಈ ಯೋಜನೆಗೆ ನಿಗದಿಪಡಿಸಲಾಗಿದೆ. ಕಳೆದ ವರ್ಷ 800 ಕೋಟಿ ನೀಡಲಾಗಿತ್ತು. ಉಡಾನ್‌ನಿಂದ ಪ್ರಾದೇಶಿಕ ವಿಮಾನಯಾನ ಸಂಸ್ಥೆಗಳ ಹುಟ್ಟು ಮತ್ತು ಬೆಳವಣಿಗೆಗೆ ಸಾಧ್ಯವಾಗಿದೆ. ಕ್ರಮೇಣವಾಗಿ ಉದ್ಯೋಗ ಸೃಷ್ಟಿ ಮತ್ತು ಪ್ರವಾಸೋದ್ಯಮ ಪ್ರಗತಿಗೆ ಕಾರಣವಾಗುತ್ತದೆ ಎನ್ನುವುದು ಕೇಂದ್ರದ ಉದ್ದೇಶವಾಗಿದೆ. ಈ ಯೋಜನೆಯಡಿ ಪ್ರಸ್ತುತ ದೇಶದಲ್ಲಿ 90 ವಿಮಾನ ನಿಲ್ದಾಣಗಳು 625 ಮಾರ್ಗಗಳಲ್ಲಿ ಕಾರ್ಯನಿರ್ವಹಿಸುತ್ತಿದೆ. ಉಡಾನ್ ಯೋಜನೆ 2016ರಲ್ಲಿ ಜಾರಿಗೆ ಬಂದಿದೆ.
ಕಾಮಗಾರಿ ಆರಂಭಕ್ಕೆ ವಿಳಂಬ: ಕಾರಣವೇನು?
ಉಡಾನ್ ಯೋಜನೆಯಡಿ ವಿಮಾನಯಾನ ಆರಂಭವಾಗುವ ವಿಚಾರದಲ್ಲಿ ಕೇಂದ್ರ ಸರ್ಕಾರದಿಂದ ವಿಮಾನ ಹಾರಾಟ ಪ್ರಕ್ರಿಯೆಗೆ ಅನುಮತಿ ನೀಡುವ ಕಾರ್ಯಾಚರಣೆ ನಡೆದಿದ್ದು, ವಿಮಾನ ನಿಲ್ದಾಣ ಅಭಿವೃದ್ಧಿಪಡಿಸುವ ಜವಾಬ್ದಾರಿ ಮತ್ತು ಜಮೀನು ಸ್ವಾಧೀನ ರಾಜ್ಯ ಸರ್ಕಾರದ್ದಾಗಿದೆ. ಆದರೆ ವಿಮಾನ ನಿಲ್ದಾಣ ಅಭಿವೃದ್ಧಿಗೆ ಬೇಕಾದ ಭೂಮಿ ಪಡೆಯಲು ಸಂಬಂಧಿಸಿದ ಪ್ರಕ್ರಿಯೆಗಳು ಇನ್ನೂ ಮುಗಿದಿಲ್ಲ. ಟರ್ಮಿನಲ್ ಕಟ್ಟಡ, ರನ್‌ವೇ, ಏಪ್ರಾನ್, ಕಂಟ್ರೋಲ್ ಟವರ್ ಮತ್ತು ಇತರ ಮೂಲಸೌಕರ್ಯಗಳ ನಿರ್ಮಾಣಕ್ಕೆ ಅನುದಾನ ಹಂಚಿಕೆಯಾಗಬೇಕಿದೆ. ಕೇಂದ್ರ ಮತ್ತು ರಾಜ್ಯ ಸರ್ಕಾರಗಳ ನಡುವೆ ಸಮನ್ವಯ ಕೊರತೆಯಿಂದ ಯೋಜನೆ ವಿಳಂಬವಾಗುತ್ತಿದೆ ಎನ್ನುವುದು ಸ್ಥಳೀಯರ ಆರೋಪವಾಗಿದೆ. ವಿಮಾನಯಾನ ಕಂಪನಿಗಳು ವಾಣಿಜ್ಯವಾಗಿ ಲಾಭದಾಯಕವಲ್ಲ ಎನ್ನುವ ಕಾರಣದಿಂದ ಆಸಕ್ತಿ ತೋರುತ್ತಿಲ್ಲ. ಸ್ಥಳೀಯರು ಜಾಗೃತರಾಗಿ ಸರ್ಕಾರದ ಮೇಲೆ ಒತ್ತಡ ತರಬೇಕಿದೆ. ಮುಂದಿನ ದಿನಗಳಲ್ಲಾದರೂ ವಿಮಾನ ನಿಲ್ದಾಣ ಕನಸು ನನಸಾಗುವುದೇ ಎಂದು ಜನರು ಕಾಯುತ್ತಿದ್ದಾರೆ.
ಘೋಷಣೆ ಮಾಡಿದ್ದರಿಂದ ಜನರ ನಿರೀಕ್ಷೆಗಳು ಹೆಚ್ಚಾಗಿದ್ದವು. ಪ್ರಾದೇಶಿಕ ಅಧಿಕಾರಿಗಳು ಸ್ಥಳ ಪರಿಶೀಲನೆ ನಡೆಸಿದ್ದರೂ ಮುಂದಿನ ಹಂತದ ಕಾರ್ಯ ನಡೆದಿಲ್ಲ. ಕಾರ್ಯಸಾಧ್ಯತಾ ವರದಿ ಪರಿಶೀಲನೆ, ಅನುಮತಿ ಸಿಗುವುದು ಬಾಕಿ ಇದೆ.
ತಾಂತ್ರಿಕ ಅಡಚಣೆಗಳು, ಭೂ ಸ್ವಾಧೀನ, ಕಾಮಗಾರಿ ಟೆಂಡರ್ ಪ್ರಕ್ರಿಯೆ ಬಾಕಿ ಇರುವುದರಿಂದ ಸದ್ಯಕ್ಕಂತೂ ಕೊಪ್ಪಳದಿಂದ ವಿಮಾನಯಾನ ಆರಂಭ ಕನಸಾಗಿಯೇ ಉಳಿದಿದೆ. ವಿಮಾನ ನಿಲ್ದಾಣಕ್ಕಾಗಿ ಜನರು ಕಾಯುತ್ತಿದ್ದಾರೆ.
